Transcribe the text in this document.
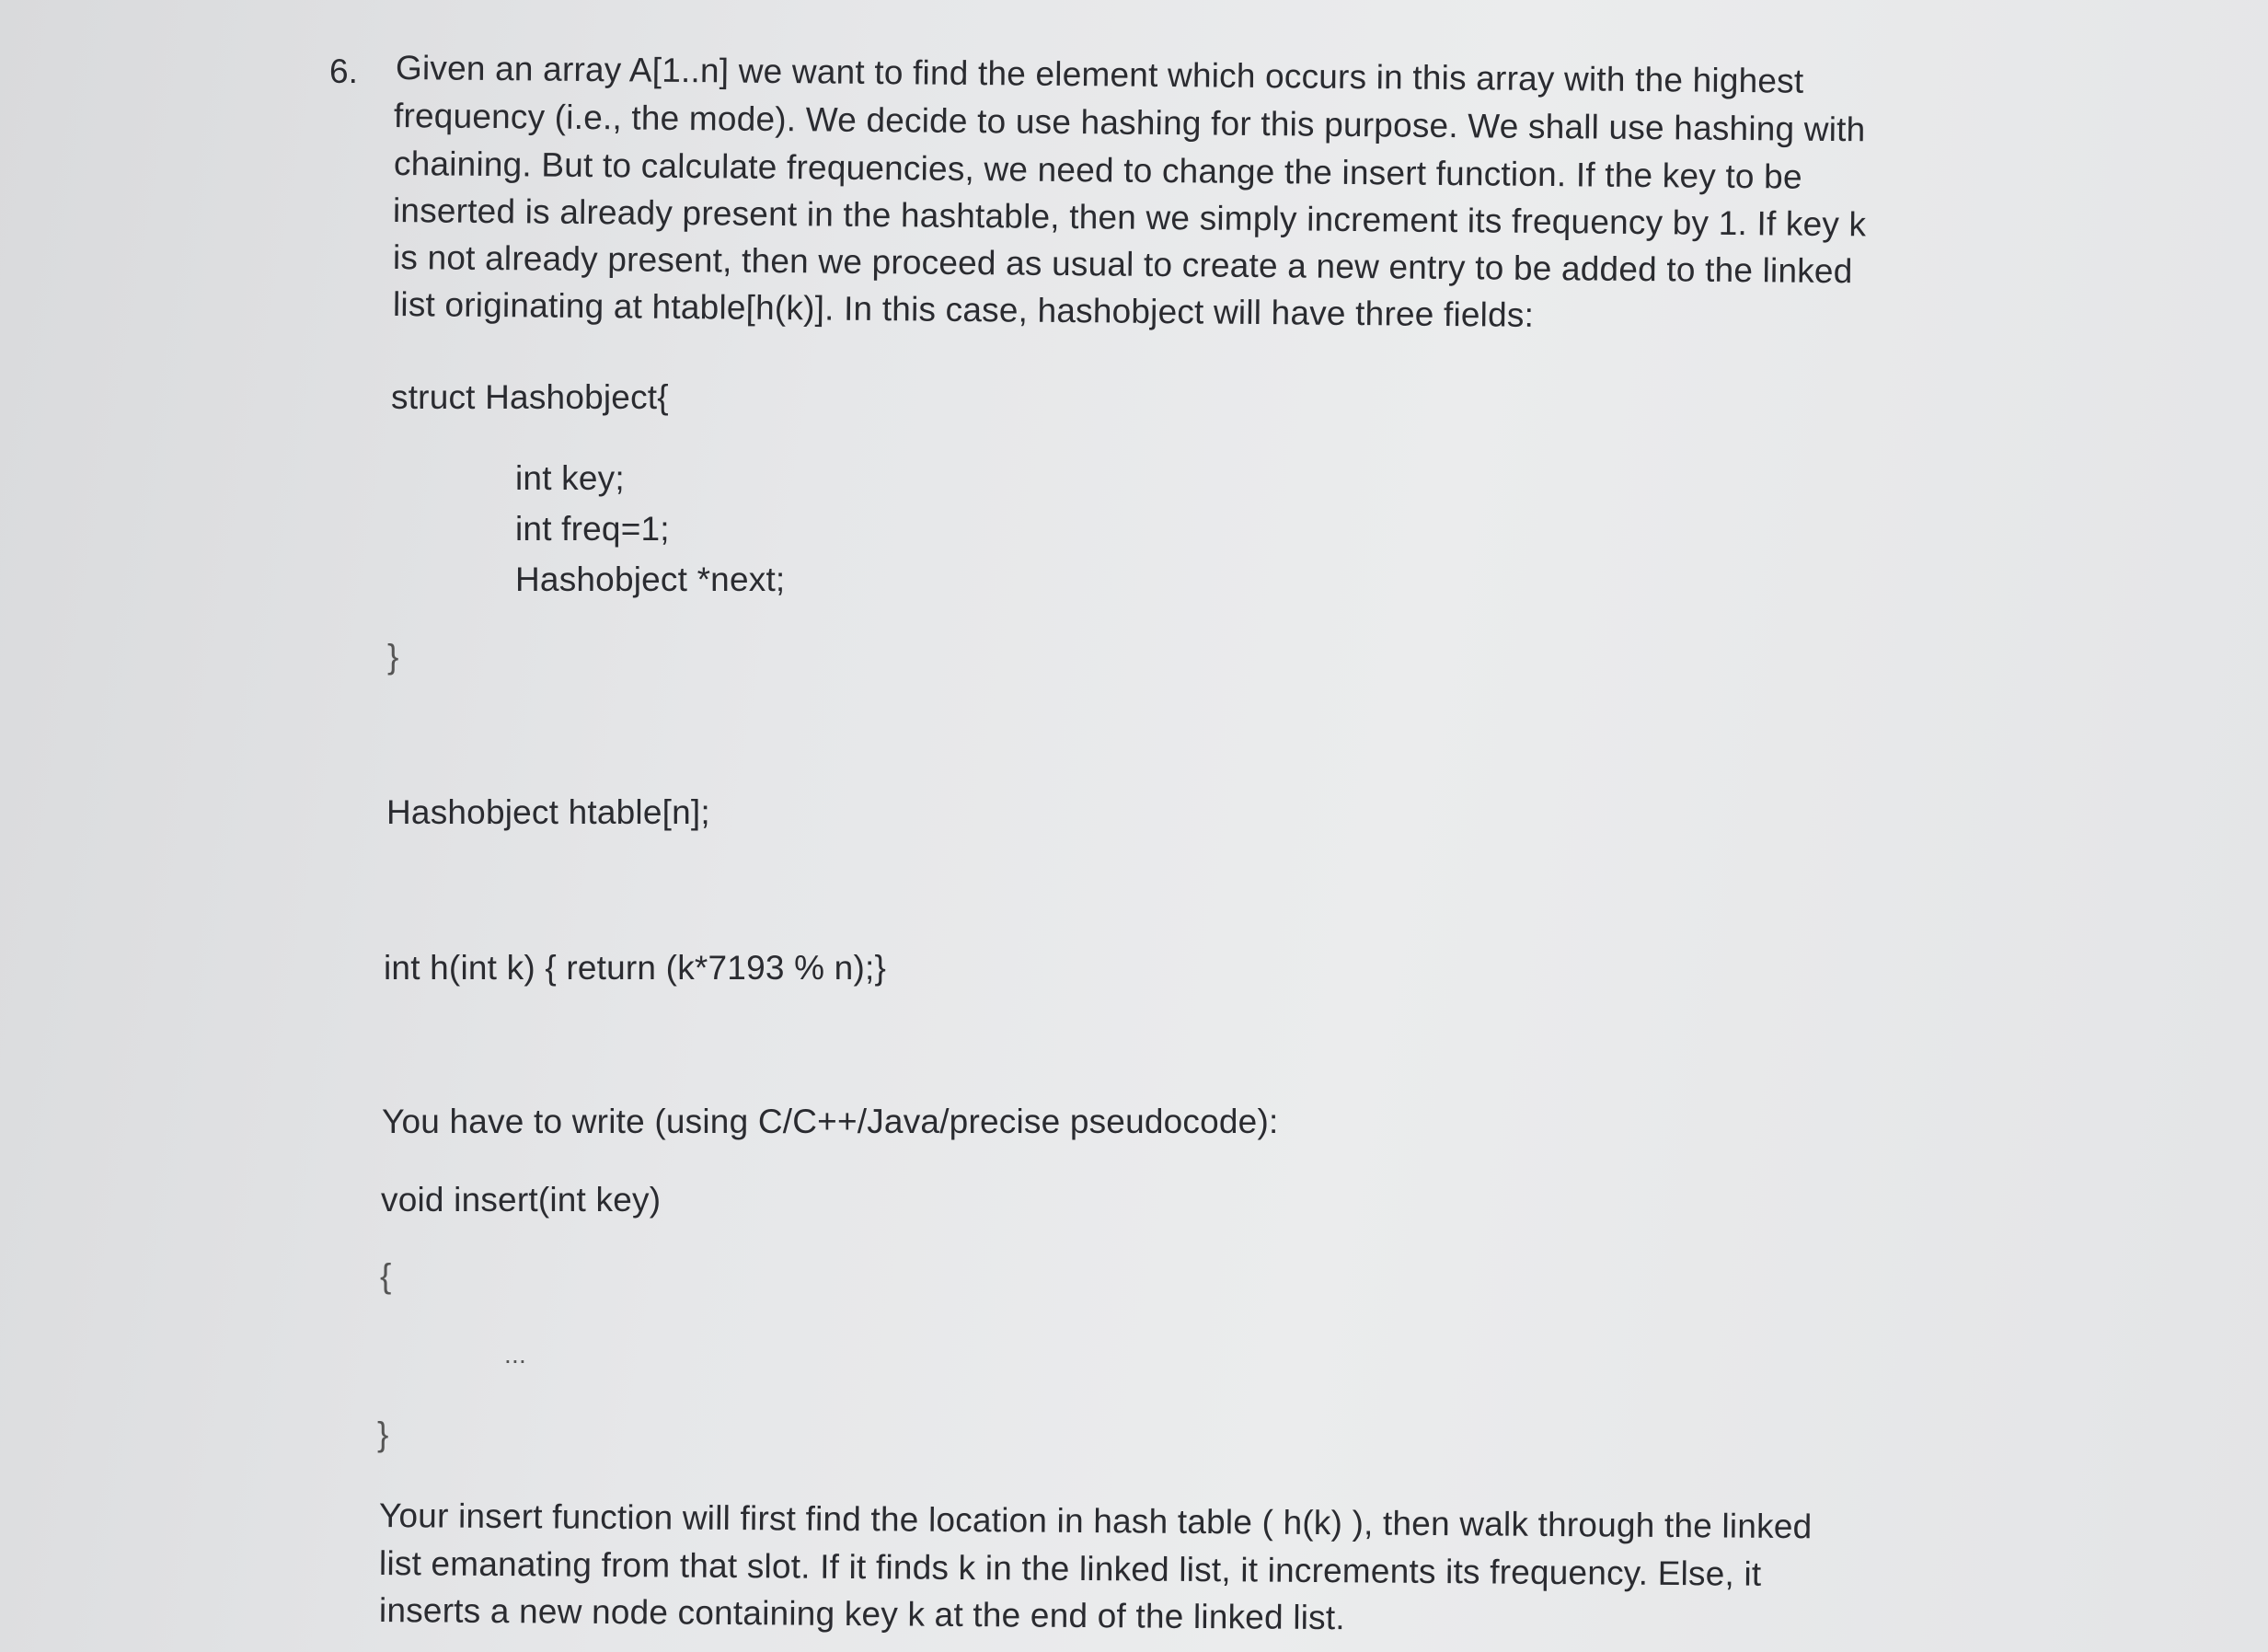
6. Given an array A[1..n] we want to find the element which occurs in this array with the highest
frequency (i.e., the mode). We decide to use hashing for this purpose. We shall use hashing with
chaining. But to calculate frequencies, we need to change the insert function. If the key to be
inserted is already present in the hashtable, then we simply increment its frequency by 1. If key k
is not already present, then we proceed as usual to create a new entry to be added to the linked
list originating at htable[h(k)]. In this case, hashobject will have three fields:
struct Hashobject{
int key;
int freq=1;
Hashobject *next;
}
Hashobject htable[n];
int h(int k) { return (k*7193 % n);}
You have to write (using C/C++/Java/precise pseudocode):
void insert(int key)
{
...
}
Your insert function will first find the location in hash table ( h(k) ), then walk through the linked
list emanating from that slot. If it finds k in the linked list, it increments its frequency. Else, it
inserts a new node containing key k at the end of the linked list.
